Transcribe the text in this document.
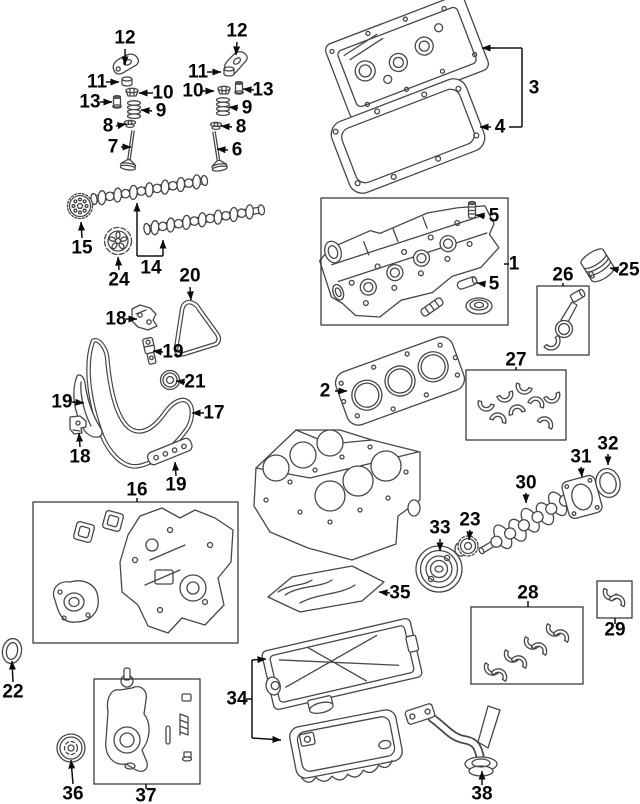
12
11
10
13	9
8
7
12
11
10	13
9
8
6
15
24
14 20
18
19
21
19
17
18
19
16
22
36	37
34
35
38
33 23
30
31
32
28
29
27
26 25
1
5
5
2
3
4
